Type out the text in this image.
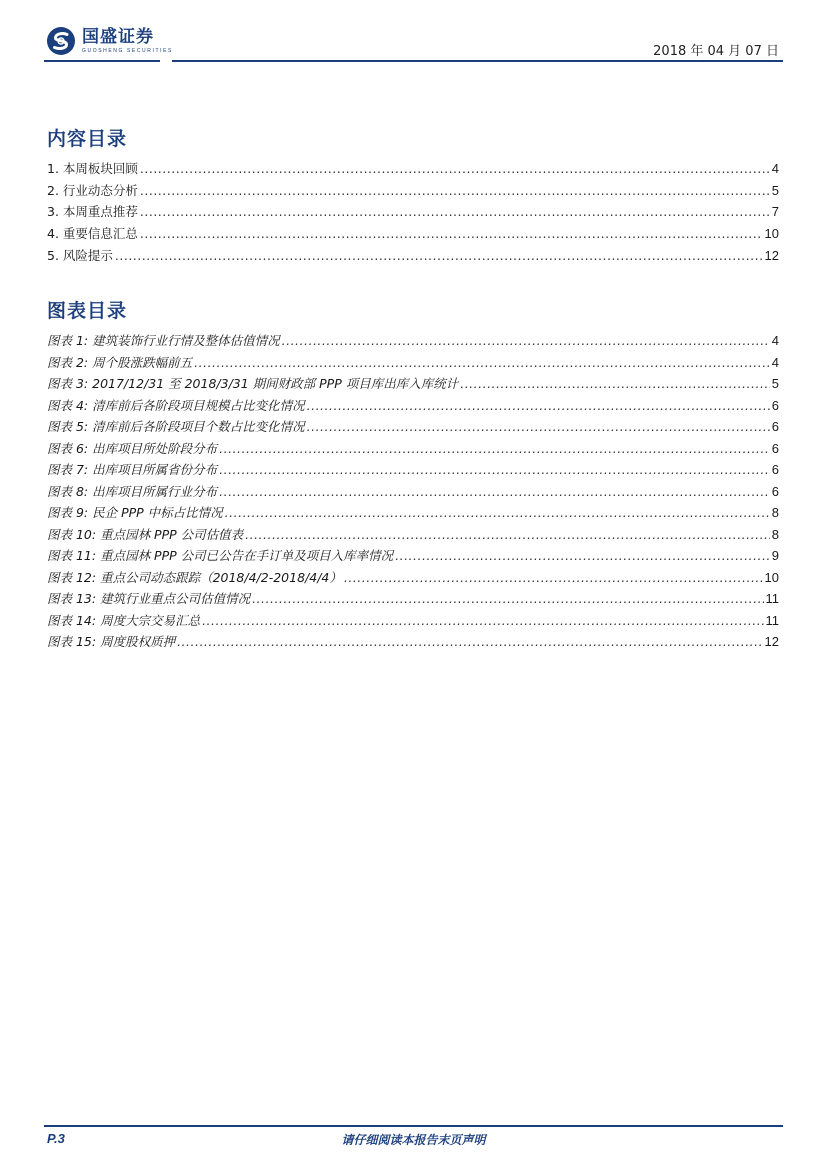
国盛证券
GUOSHENG SECURITIES	2018 年 04 月 07 日
内容目录
1. 本周板块回顾 .....	4
2. 行业动态分析 .....	5
3. 本周重点推荐 .....	7
4. 重要信息汇总 .....	10
5. 风险提示 .....	12
图表目录
图表 1: 建筑装饰行业行情及整体估值情况 .....	4
图表 2: 周个股涨跌幅前五 .....	4
图表 3: 2017/12/31 至 2018/3/31 期间财政部 PPP 项目库出库入库统计 .....	5
图表 4: 清库前后各阶段项目规模占比变化情况 .....	6
图表 5: 清库前后各阶段项目个数占比变化情况 .....	6
图表 6: 出库项目所处阶段分布 .....	6
图表 7: 出库项目所属省份分布 .....	6
图表 8: 出库项目所属行业分布 .....	6
图表 9: 民企 PPP 中标占比情况 .....	8
图表 10: 重点园林 PPP 公司估值表 .....	8
图表 11: 重点园林 PPP 公司已公告在手订单及项目入库率情况 .....	9
图表 12: 重点公司动态跟踪（2018/4/2-2018/4/4） .....	10
图表 13: 建筑行业重点公司估值情况 .....	11
图表 14: 周度大宗交易汇总 .....	11
图表 15: 周度股权质押 .....	12
P.3	请仔细阅读本报告末页声明
